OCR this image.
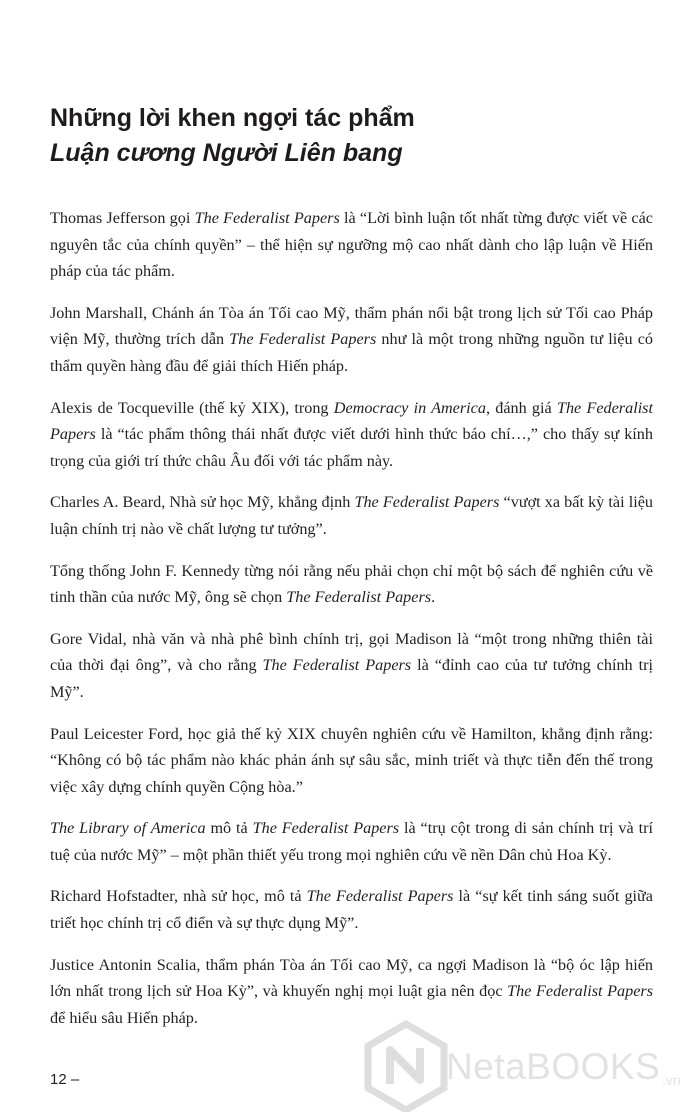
Những lời khen ngợi tác phẩm
Luận cương Người Liên bang

Thomas Jefferson gọi The Federalist Papers là “Lời bình luận tốt nhất từng được viết về các nguyên tắc của chính quyền” – thể hiện sự ngưỡng mộ cao nhất dành cho lập luận về Hiến pháp của tác phẩm.

John Marshall, Chánh án Tòa án Tối cao Mỹ, thẩm phán nổi bật trong lịch sử Tối cao Pháp viện Mỹ, thường trích dẫn The Federalist Papers như là một trong những nguồn tư liệu có thẩm quyền hàng đầu để giải thích Hiến pháp.

Alexis de Tocqueville (thế kỷ XIX), trong Democracy in America, đánh giá The Federalist Papers là “tác phẩm thông thái nhất được viết dưới hình thức báo chí…,” cho thấy sự kính trọng của giới trí thức châu Âu đối với tác phẩm này.

Charles A. Beard, Nhà sử học Mỹ, khẳng định The Federalist Papers “vượt xa bất kỳ tài liệu luận chính trị nào về chất lượng tư tưởng”.

Tổng thống John F. Kennedy từng nói rằng nếu phải chọn chỉ một bộ sách để nghiên cứu về tinh thần của nước Mỹ, ông sẽ chọn The Federalist Papers.

Gore Vidal, nhà văn và nhà phê bình chính trị, gọi Madison là “một trong những thiên tài của thời đại ông”, và cho rằng The Federalist Papers là “đỉnh cao của tư tưởng chính trị Mỹ”.

Paul Leicester Ford, học giả thế kỷ XIX chuyên nghiên cứu về Hamilton, khẳng định rằng: “Không có bộ tác phẩm nào khác phản ánh sự sâu sắc, minh triết và thực tiễn đến thế trong việc xây dựng chính quyền Cộng hòa.”

The Library of America mô tả The Federalist Papers là “trụ cột trong di sản chính trị và trí tuệ của nước Mỹ” – một phần thiết yếu trong mọi nghiên cứu về nền Dân chủ Hoa Kỳ.

Richard Hofstadter, nhà sử học, mô tả The Federalist Papers là “sự kết tinh sáng suốt giữa triết học chính trị cổ điển và sự thực dụng Mỹ”.

Justice Antonin Scalia, thẩm phán Tòa án Tối cao Mỹ, ca ngợi Madison là “bộ óc lập hiến lớn nhất trong lịch sử Hoa Kỳ”, và khuyến nghị mọi luật gia nên đọc The Federalist Papers để hiểu sâu Hiến pháp.

12 –	NetaBOOKS .vn
